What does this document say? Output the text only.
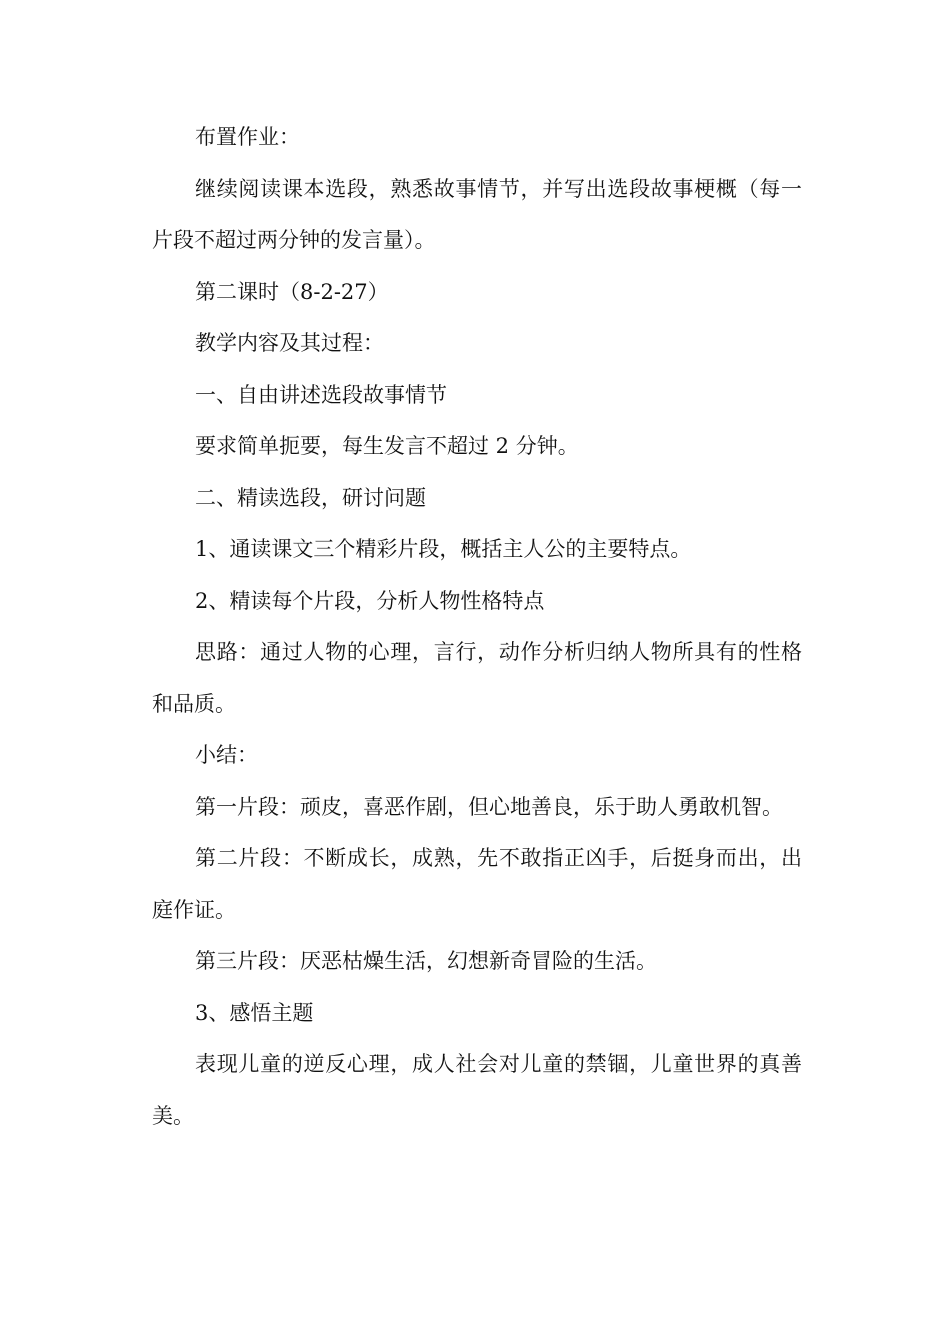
布置作业：

继续阅读课本选段，熟悉故事情节，并写出选段故事梗概（每一片段不超过两分钟的发言量）。

第二课时（8-2-27）

教学内容及其过程：

一、自由讲述选段故事情节

要求简单扼要，每生发言不超过 2 分钟。

二、精读选段，研讨问题

1、通读课文三个精彩片段，概括主人公的主要特点。

2、精读每个片段，分析人物性格特点

思路：通过人物的心理，言行，动作分析归纳人物所具有的性格和品质。

小结：

第一片段：顽皮，喜恶作剧，但心地善良，乐于助人勇敢机智。

第二片段：不断成长，成熟，先不敢指正凶手，后挺身而出，出庭作证。

第三片段：厌恶枯燥生活，幻想新奇冒险的生活。

3、感悟主题

表现儿童的逆反心理，成人社会对儿童的禁锢，儿童世界的真善美。
